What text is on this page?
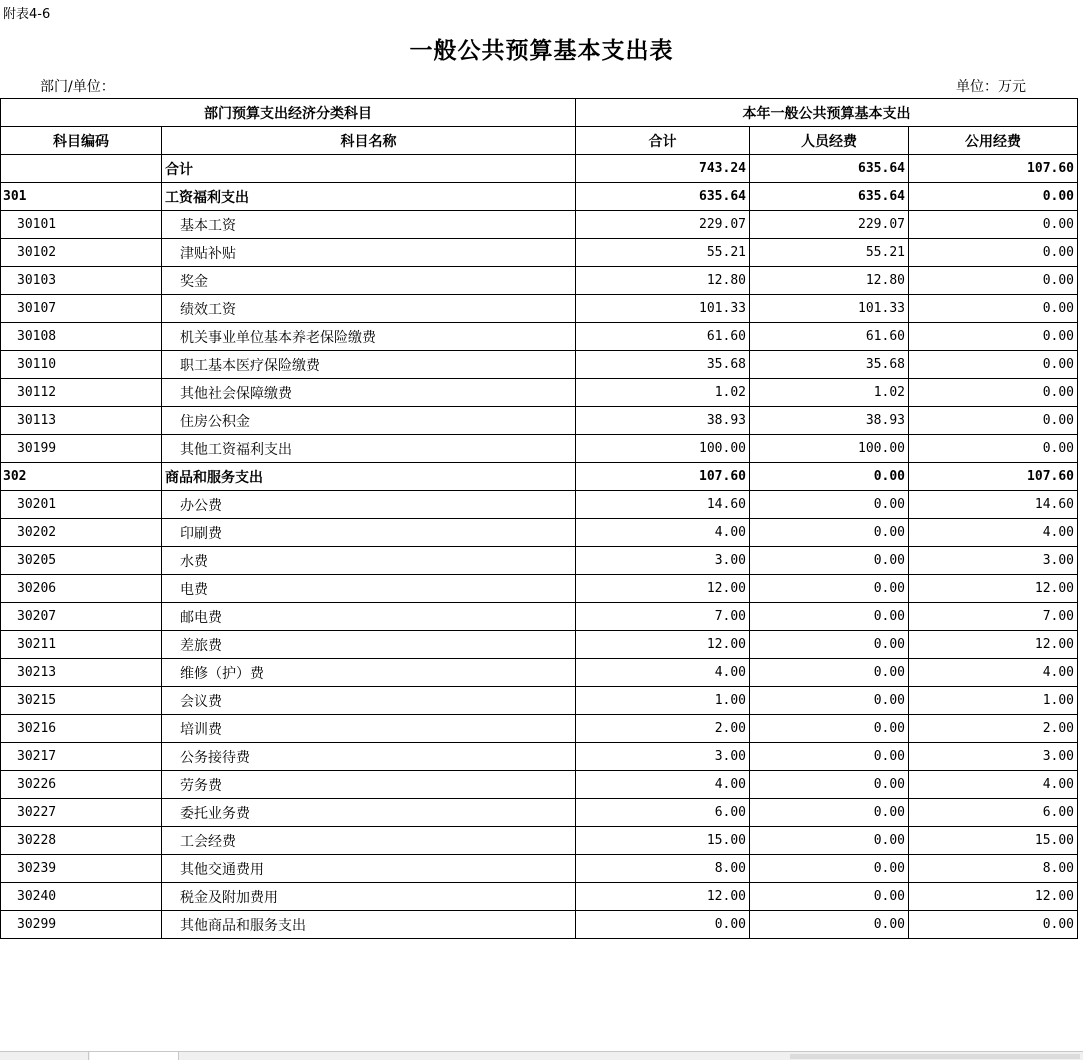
附表4-6
一般公共预算基本支出表
部门/单位：	单位：万元
部门预算支出经济分类科目		本年一般公共预算基本支出		
科目编码	科目名称	合计	人员经费	公用经费
	合计	743.24	635.64	107.60
301	工资福利支出	635.64	635.64	0.00
30101	基本工资	229.07	229.07	0.00
30102	津贴补贴	55.21	55.21	0.00
30103	奖金	12.80	12.80	0.00
30107	绩效工资	101.33	101.33	0.00
30108	机关事业单位基本养老保险缴费	61.60	61.60	0.00
30110	职工基本医疗保险缴费	35.68	35.68	0.00
30112	其他社会保障缴费	1.02	1.02	0.00
30113	住房公积金	38.93	38.93	0.00
30199	其他工资福利支出	100.00	100.00	0.00
302	商品和服务支出	107.60	0.00	107.60
30201	办公费	14.60	0.00	14.60
30202	印刷费	4.00	0.00	4.00
30205	水费	3.00	0.00	3.00
30206	电费	12.00	0.00	12.00
30207	邮电费	7.00	0.00	7.00
30211	差旅费	12.00	0.00	12.00
30213	维修（护）费	4.00	0.00	4.00
30215	会议费	1.00	0.00	1.00
30216	培训费	2.00	0.00	2.00
30217	公务接待费	3.00	0.00	3.00
30226	劳务费	4.00	0.00	4.00
30227	委托业务费	6.00	0.00	6.00
30228	工会经费	15.00	0.00	15.00
30239	其他交通费用	8.00	0.00	8.00
30240	税金及附加费用	12.00	0.00	12.00
30299	其他商品和服务支出	0.00	0.00	0.00
